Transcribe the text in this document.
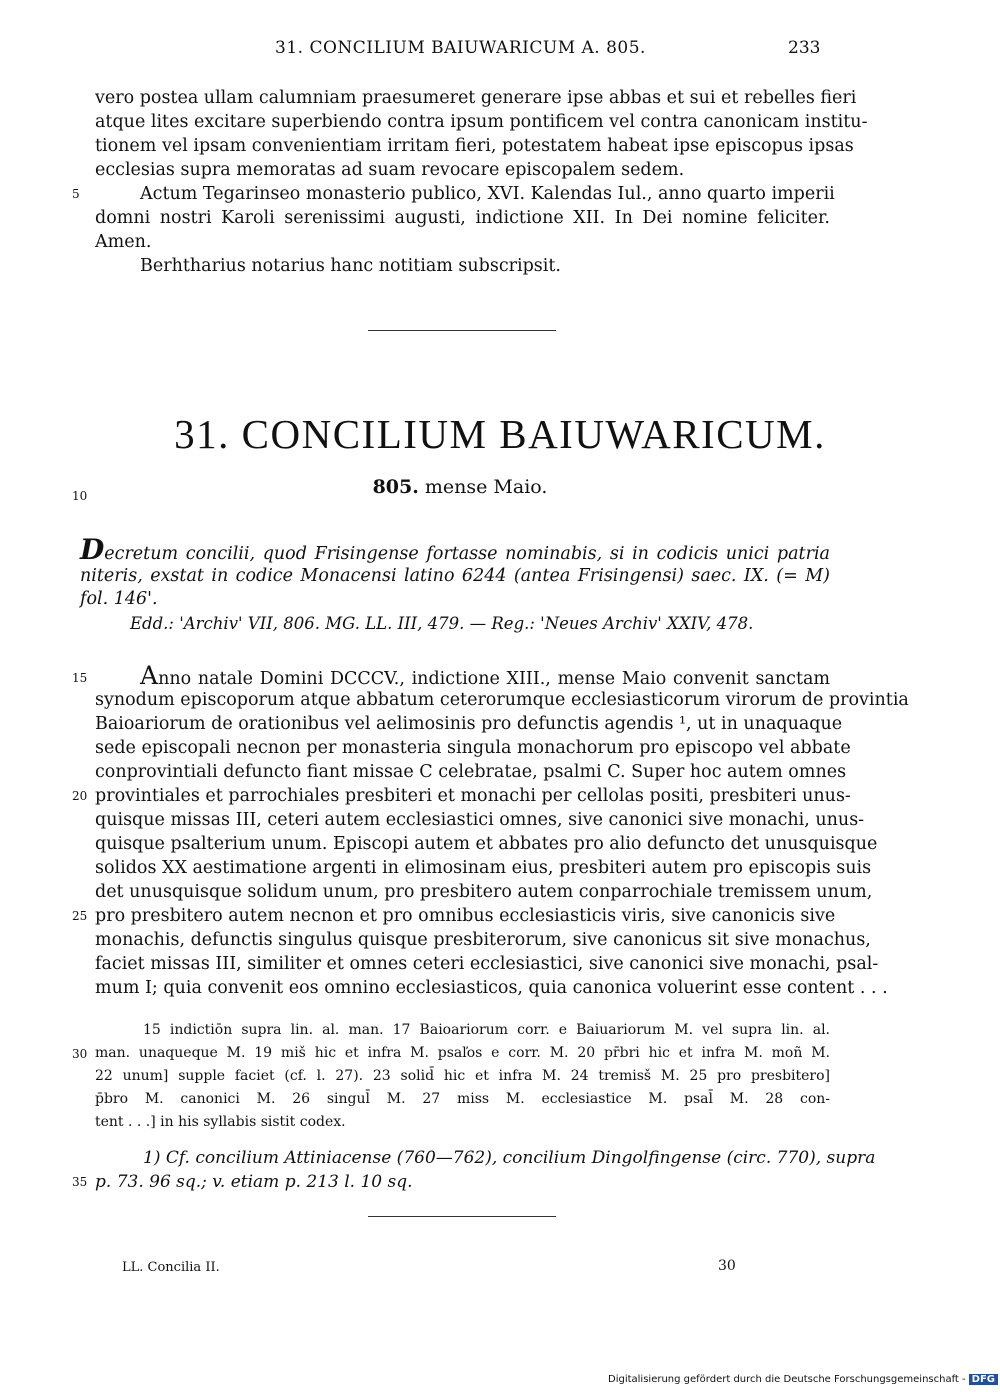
31. CONCILIUM BAIUWARICUM A. 805.	233
vero postea ullam calumniam praesumeret generare ipse abbas et sui et rebelles fieri
atque lites excitare superbiendo contra ipsum pontificem vel contra canonicam institu-
tionem vel ipsam convenientiam irritam fieri, potestatem habeat ipse episcopus ipsas
ecclesias supra memoratas ad suam revocare episcopalem sedem.
5	Actum Tegarinseo monasterio publico, XVI. Kalendas Iul., anno quarto imperii
domni nostri Karoli serenissimi augusti, indictione XII. In Dei nomine feliciter.
Amen.
Berhtharius notarius hanc notitiam subscripsit.
31. CONCILIUM BAIUWARICUM.
10	805. mense Maio.
Decretum concilii, quod Frisingense fortasse nominabis, si in codicis unici patria
niteris, exstat in codice Monacensi latino 6244 (antea Frisingensi) saec. IX. (= M)
fol. 146'.
Edd.: 'Archiv' VII, 806. MG. LL. III, 479. — Reg.: 'Neues Archiv' XXIV, 478.
15	Anno natale Domini DCCCV., indictione XIII., mense Maio convenit sanctam
synodum episcoporum atque abbatum ceterorumque ecclesiasticorum virorum de provintia
Baioariorum de orationibus vel aelimosinis pro defunctis agendis ¹, ut in unaquaque
sede episcopali necnon per monasteria singula monachorum pro episcopo vel abbate
conprovintiali defuncto fiant missae C celebratae, psalmi C. Super hoc autem omnes
20 provintiales et parrochiales presbiteri et monachi per cellolas positi, presbiteri unus-
quisque missas III, ceteri autem ecclesiastici omnes, sive canonici sive monachi, unus-
quisque psalterium unum. Episcopi autem et abbates pro alio defuncto det unusquisque
solidos XX aestimatione argenti in elimosinam eius, presbiteri autem pro episcopis suis
det unusquisque solidum unum, pro presbitero autem conparrochiale tremissem unum,
25 pro presbitero autem necnon et pro omnibus ecclesiasticis viris, sive canonicis sive
monachis, defunctis singulus quisque presbiterorum, sive canonicus sit sive monachus,
faciet missas III, similiter et omnes ceteri ecclesiastici, sive canonici sive monachi, psal-
mum I; quia convenit eos omnino ecclesiasticos, quia canonica voluerint esse content . . .
15 indictiōn supra lin. al. man. 17 Baioariorum corr. e Baiuariorum M. vel supra lin. al.
30 man. unaqueque M. 19 miš hic et infra M. psaľos e corr. M. 20 pr̄bri hic et infra M. moñ M.
22 unum] supple faciet (cf. l. 27). 23 solid̄ hic et infra M. 24 tremisš M. 25 pro presbitero]
p̄bro M. canonici M. 26 singul̄ M. 27 miss M. ecclesiastice M. psal̄ M. 28 con-
tent . . .] in his syllabis sistit codex.
1) Cf. concilium Attiniacense (760—762), concilium Dingolfingense (circ. 770), supra
35 p. 73. 96 sq.; v. etiam p. 213 l. 10 sq.
LL. Concilia II.	30
Digitalisierung gefördert durch die Deutsche Forschungsgemeinschaft - DFG
